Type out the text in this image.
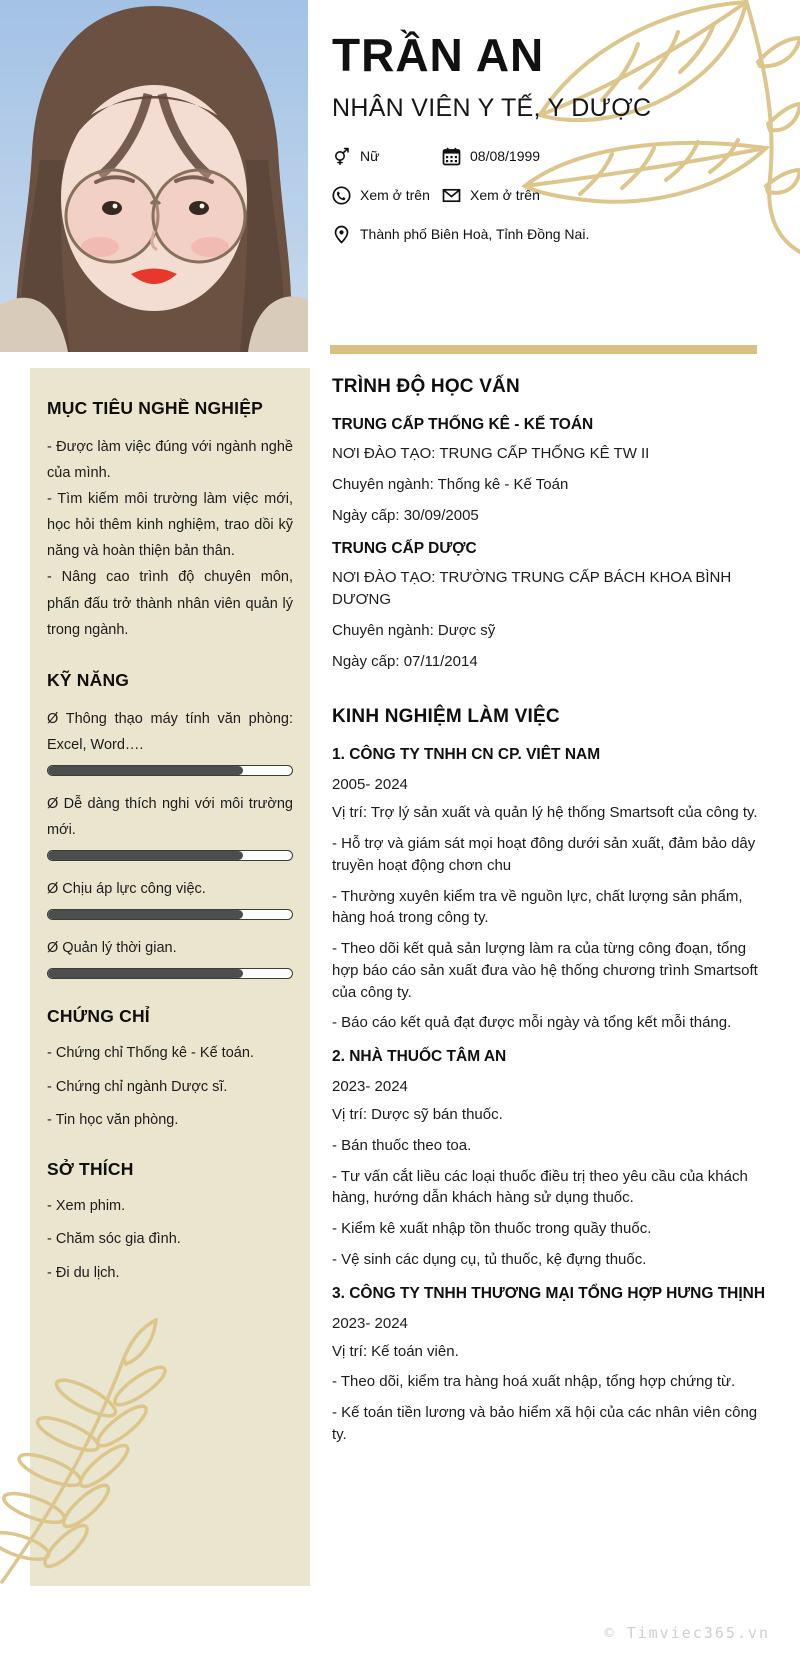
TRẦN AN
NHÂN VIÊN Y TẾ, Y DƯỢC
Nữ	08/08/1999
Xem ở trên	Xem ở trên
Thành phố Biên Hoà, Tỉnh Đồng Nai.
MỤC TIÊU NGHỀ NGHIỆP

- Được làm việc đúng với ngành nghề của mình.

- Tìm kiếm môi trường làm việc mới, học hỏi thêm kinh nghiệm, trao dồi kỹ năng và hoàn thiện bản thân.

- Nâng cao trình độ chuyên môn, phấn đấu trở thành nhân viên quản lý trong ngành.

KỸ NĂNG

Ø Thông thạo máy tính văn phòng: Excel, Word….

Ø Dễ dàng thích nghi với môi trường mới.

Ø Chịu áp lực công việc.

Ø Quản lý thời gian.

CHỨNG CHỈ

- Chứng chỉ Thống kê - Kế toán.

- Chứng chỉ ngành Dược sĩ.

- Tin học văn phòng.

SỞ THÍCH

- Xem phim.

- Chăm sóc gia đình.

- Đi du lịch.

TRÌNH ĐỘ HỌC VẤN
TRUNG CẤP THỐNG KÊ - KẾ TOÁN
NƠI ĐÀO TẠO: TRUNG CẤP THỐNG KÊ TW II
Chuyên ngành: Thống kê - Kế Toán
Ngày cấp: 30/09/2005
TRUNG CẤP DƯỢC
NƠI ĐÀO TẠO: TRƯỜNG TRUNG CẤP BÁCH KHOA BÌNH DƯƠNG
Chuyên ngành: Dược sỹ
Ngày cấp: 07/11/2014
KINH NGHIỆM LÀM VIỆC
1. CÔNG TY TNHH CN CP. VIÊT NAM
2005- 2024
Vị trí: Trợ lý sản xuất và quản lý hệ thống Smartsoft của công ty.
- Hỗ trợ và giám sát mọi hoạt đông dưới sản xuất, đảm bảo dây truyền hoạt động chơn chu
- Thường xuyên kiểm tra về nguồn lực, chất lượng sản phẩm, hàng hoá trong công ty.
- Theo dõi kết quả sản lượng làm ra của từng công đoạn, tổng hợp báo cáo sản xuất đưa vào hệ thống chương trình Smartsoft của công ty.
- Báo cáo kết quả đạt được mỗi ngày và tổng kết mỗi tháng.
2. NHÀ THUỐC TÂM AN
2023- 2024
Vị trí: Dược sỹ bán thuốc.
- Bán thuốc theo toa.
- Tư vấn cắt liều các loại thuốc điều trị theo yêu cầu của khách hàng, hướng dẫn khách hàng sử dụng thuốc.
- Kiểm kê xuất nhập tồn thuốc trong quầy thuốc.
- Vệ sinh các dụng cụ, tủ thuốc, kệ đựng thuốc.
3. CÔNG TY TNHH THƯƠNG MẠI TỔNG HỢP HƯNG THỊNH
2023- 2024
Vị trí: Kế toán viên.
- Theo dõi, kiểm tra hàng hoá xuất nhập, tổng hợp chứng từ.
- Kế toán tiền lương và bảo hiểm xã hội của các nhân viên công ty.
© Timviec365.vn
